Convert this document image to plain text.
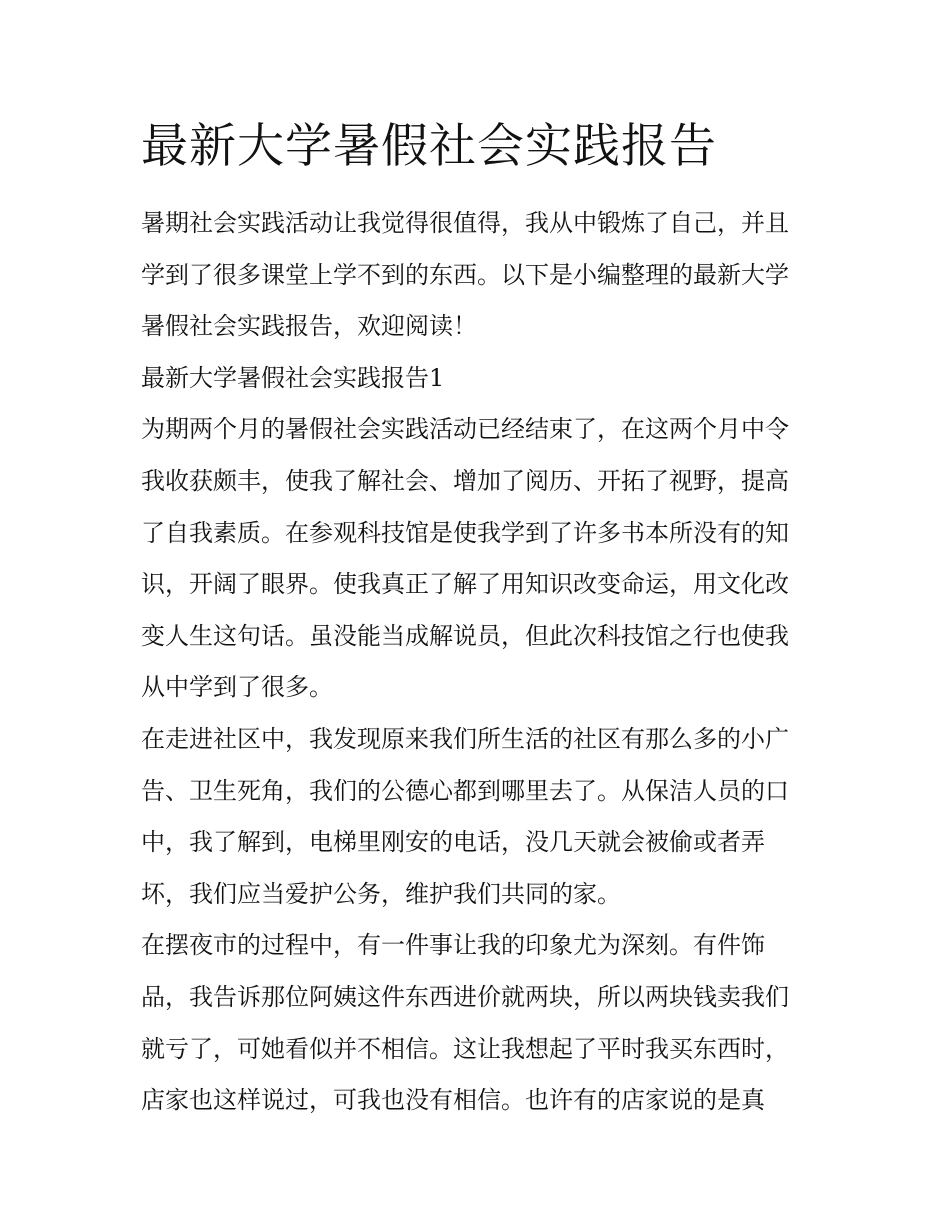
最新大学暑假社会实践报告
暑期社会实践活动让我觉得很值得，我从中锻炼了自己，并且
学到了很多课堂上学不到的东西。以下是小编整理的最新大学
暑假社会实践报告，欢迎阅读！
最新大学暑假社会实践报告1
为期两个月的暑假社会实践活动已经结束了，在这两个月中令
我收获颇丰，使我了解社会、增加了阅历、开拓了视野，提高
了自我素质。在参观科技馆是使我学到了许多书本所没有的知
识，开阔了眼界。使我真正了解了用知识改变命运，用文化改
变人生这句话。虽没能当成解说员，但此次科技馆之行也使我
从中学到了很多。
在走进社区中，我发现原来我们所生活的社区有那么多的小广
告、卫生死角，我们的公德心都到哪里去了。从保洁人员的口
中，我了解到，电梯里刚安的电话，没几天就会被偷或者弄
坏，我们应当爱护公务，维护我们共同的家。
在摆夜市的过程中，有一件事让我的印象尤为深刻。有件饰
品，我告诉那位阿姨这件东西进价就两块，所以两块钱卖我们
就亏了，可她看似并不相信。这让我想起了平时我买东西时，
店家也这样说过，可我也没有相信。也许有的店家说的是真
